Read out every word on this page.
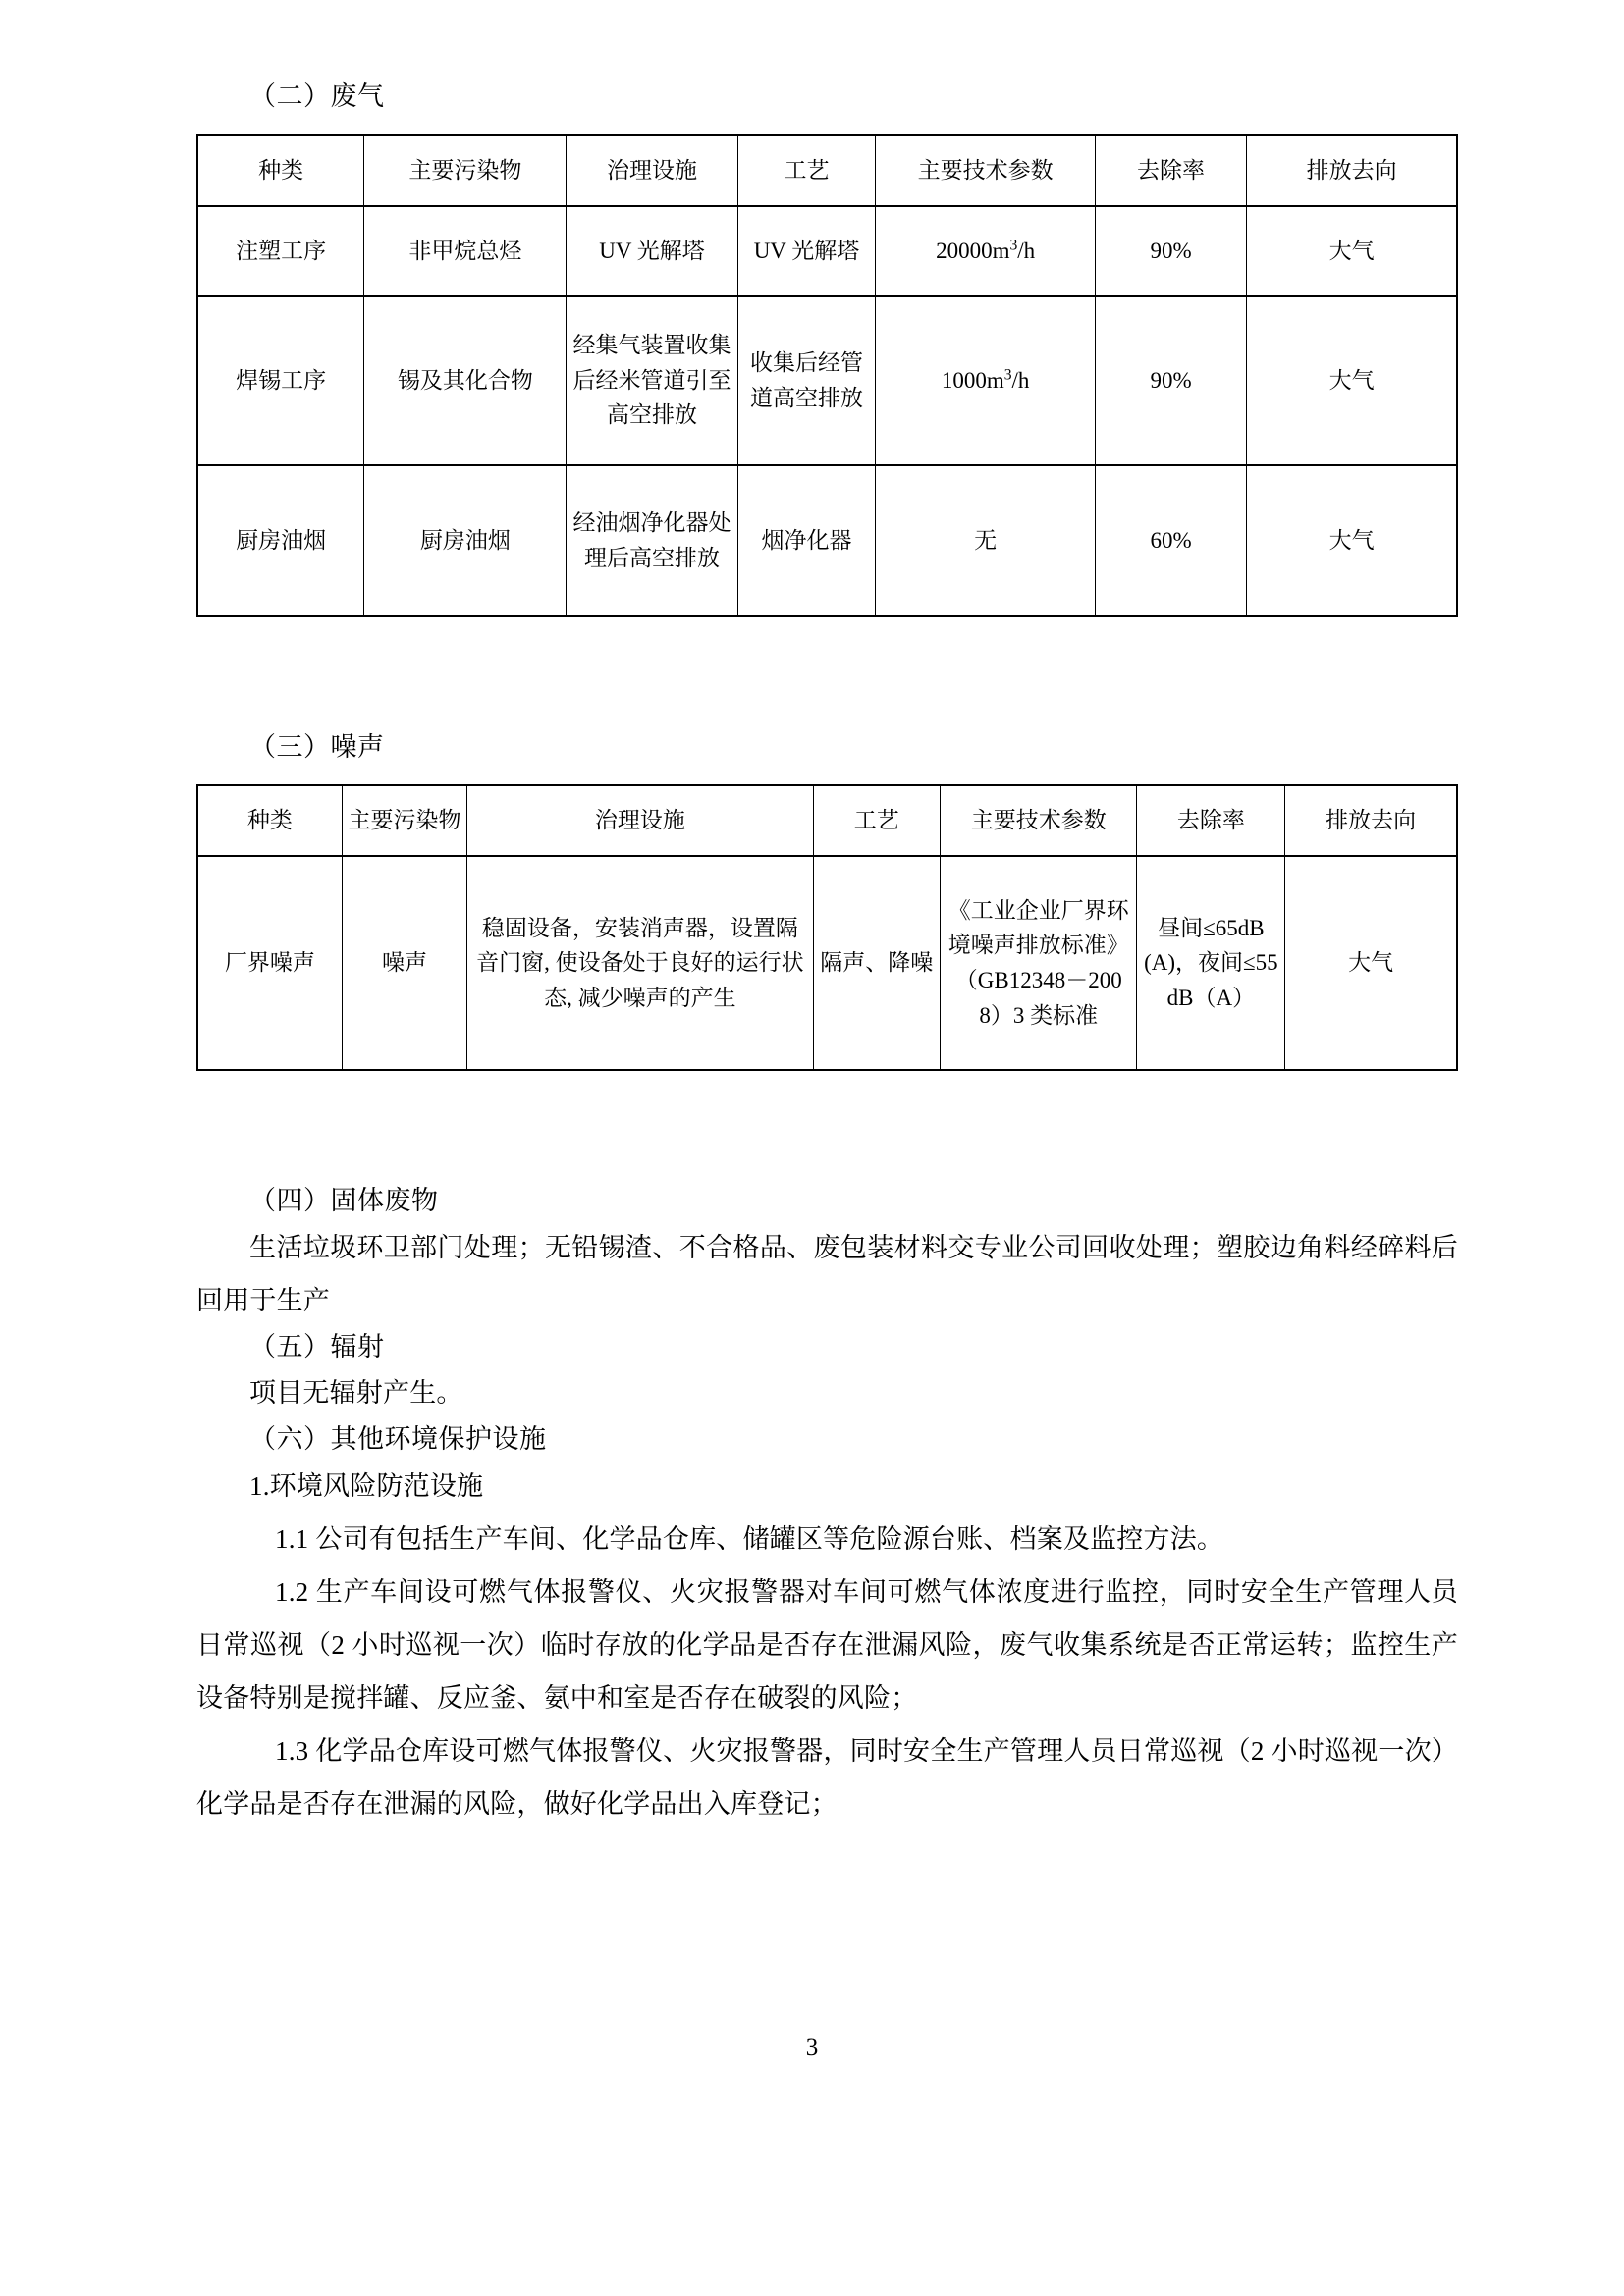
（二）废气

种类	主要污染物	治理设施	工艺	主要技术参数	去除率	排放去向
注塑工序	非甲烷总烃	UV 光解塔	UV 光解塔	$20000m^3/h$	90%	大气
焊锡工序	锡及其化合物	经集气装置收集后经米管道引至高空排放	收集后经管道高空排放	$1000m^3/h$	90%	大气
厨房油烟	厨房油烟	经油烟净化器处理后高空排放	烟净化器	无	60%	大气

（三）噪声

种类	主要污染物	治理设施	工艺	主要技术参数	去除率	排放去向
厂界噪声	噪声	稳固设备，安装消声器，设置隔音门窗, 使设备处于良好的运行状态, 减少噪声的产生	隔声、降噪	《工业企业厂界环境噪声排放标准》（GB12348－2008）3 类标准	昼间≤65dB(A)，夜间≤55dB（A）	大气

（四）固体废物

生活垃圾环卫部门处理；无铅锡渣、不合格品、废包装材料交专业公司回收处理；塑胶边角料经碎料后回用于生产

（五）辐射

项目无辐射产生。

（六）其他环境保护设施

1.环境风险防范设施

1.1 公司有包括生产车间、化学品仓库、储罐区等危险源台账、档案及监控方法。

1.2 生产车间设可燃气体报警仪、火灾报警器对车间可燃气体浓度进行监控，同时安全生产管理人员日常巡视（2 小时巡视一次）临时存放的化学品是否存在泄漏风险，废气收集系统是否正常运转；监控生产设备特别是搅拌罐、反应釜、氨中和室是否存在破裂的风险；

1.3 化学品仓库设可燃气体报警仪、火灾报警器，同时安全生产管理人员日常巡视（2 小时巡视一次）化学品是否存在泄漏的风险，做好化学品出入库登记；

3
